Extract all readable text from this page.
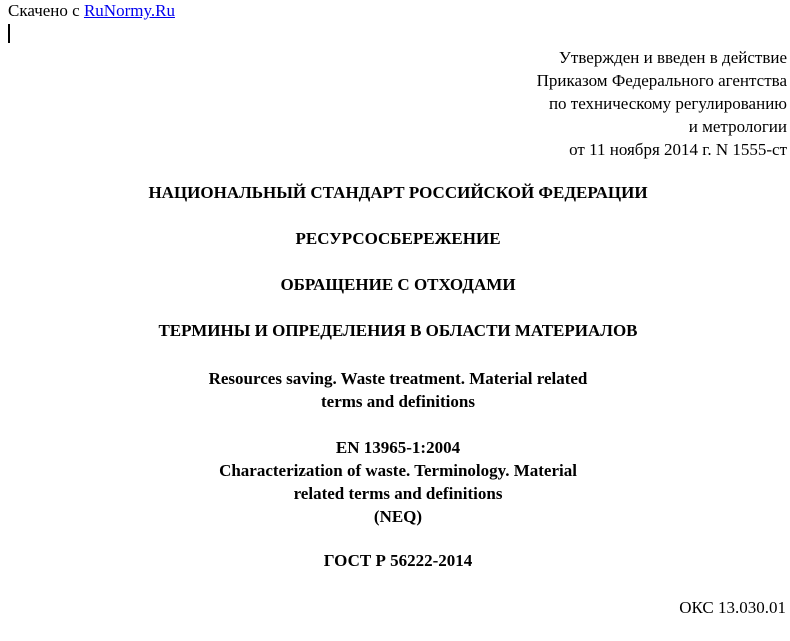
Скачено с RuNormy.Ru
Утвержден и введен в действие
Приказом Федерального агентства
по техническому регулированию
и метрологии
от 11 ноября 2014 г. N 1555-ст
НАЦИОНАЛЬНЫЙ СТАНДАРТ РОССИЙСКОЙ ФЕДЕРАЦИИ
РЕСУРСОСБЕРЕЖЕНИЕ
ОБРАЩЕНИЕ С ОТХОДАМИ
ТЕРМИНЫ И ОПРЕДЕЛЕНИЯ В ОБЛАСТИ МАТЕРИАЛОВ
Resources saving. Waste treatment. Material related
terms and definitions
EN 13965-1:2004
Characterization of waste. Terminology. Material
related terms and definitions
(NEQ)
ГОСТ Р 56222-2014
ОКС 13.030.01
